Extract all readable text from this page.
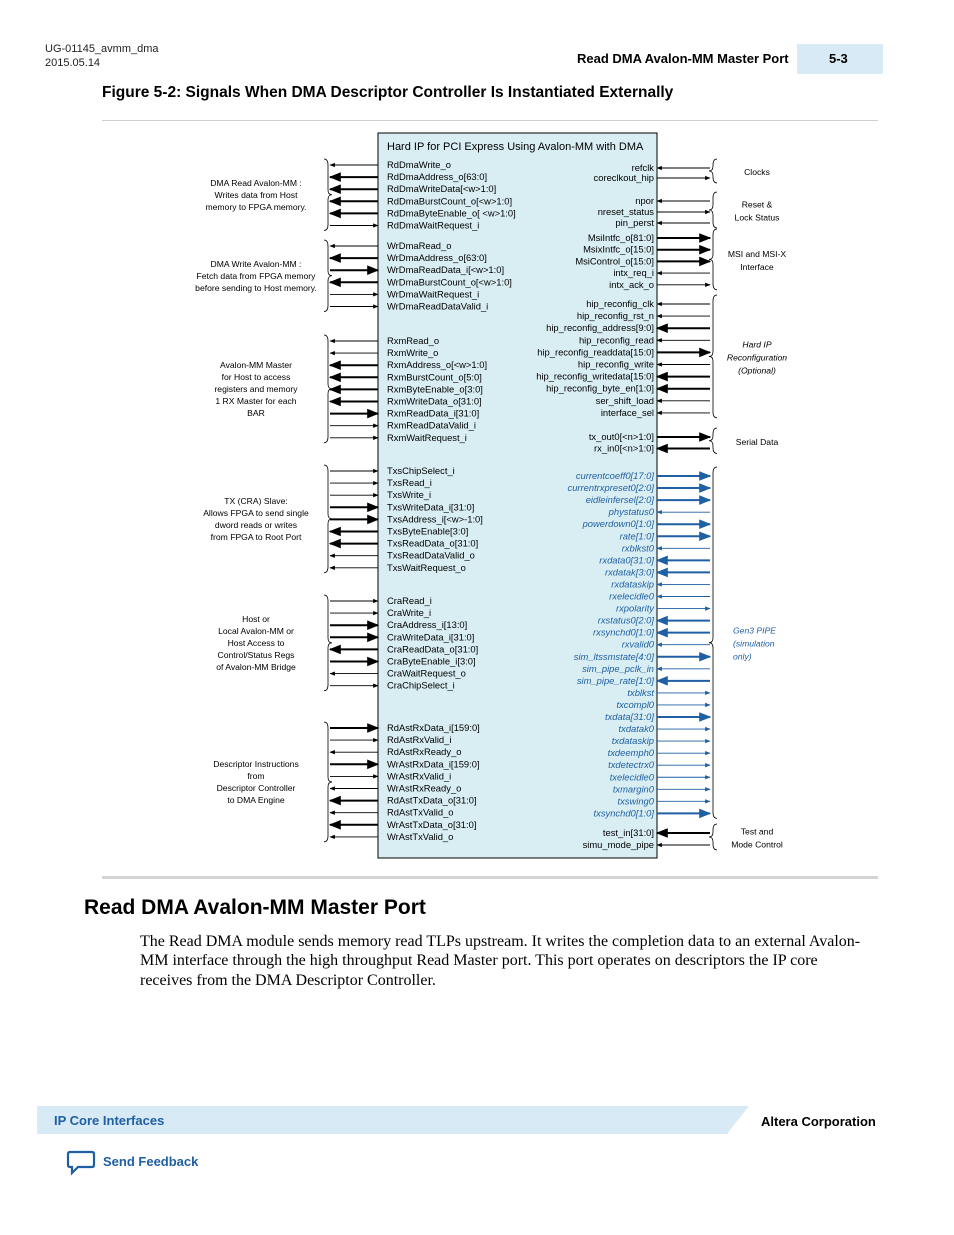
UG-01145_avmm_dma
2015.05.14	Read DMA Avalon-MM Master Port	5-3
Figure 5-2: Signals When DMA Descriptor Controller Is Instantiated Externally
Hard IP for PCI Express Using Avalon-MM with DMA
RdDmaWrite_o
RdDmaAddress_o[63:0]
RdDmaWriteData[<w>1:0]
RdDmaBurstCount_o[<w>1:0]
RdDmaByteEnable_o[ <w>1:0]
RdDmaWaitRequest_i
DMA Read Avalon-MM :
Writes data from Host
memory to FPGA memory.
WrDmaRead_o
WrDmaAddress_o[63:0]
WrDmaReadData_i[<w>1:0]
WrDmaBurstCount_o[<w>1:0]
WrDmaWaitRequest_i
WrDmaReadDataValid_i
DMA Write Avalon-MM :
Fetch data from FPGA memory
before sending to Host memory.
RxmRead_o
RxmWrite_o
RxmAddress_o[<w>1:0]
RxmBurstCount_o[5:0]
RxmByteEnable_o[3:0]
RxmWriteData_o[31:0]
RxmReadData_i[31:0]
RxmReadDataValid_i
RxmWaitRequest_i
Avalon-MM Master
for Host to access
registers and memory
1 RX Master for each
BAR
TxsChipSelect_i
TxsRead_i
TxsWrite_i
TxsWriteData_i[31:0]
TxsAddress_i[<w>-1:0]
TxsByteEnable[3:0]
TxsReadData_o[31:0]
TxsReadDataValid_o
TxsWaitRequest_o
TX (CRA) Slave:
Allows FPGA to send single
dword reads or writes
from FPGA to Root Port
CraRead_i
CraWrite_i
CraAddress_i[13:0]
CraWriteData_i[31:0]
CraReadData_o[31:0]
CraByteEnable_i[3:0]
CraWaitRequest_o
CraChipSelect_i
Host or
Local Avalon-MM or
Host Access to
Control/Status Regs
of Avalon-MM Bridge
RdAstRxData_i[159:0]
RdAstRxValid_i
RdAstRxReady_o
WrAstRxData_i[159:0]
WrAstRxValid_i
WrAstRxReady_o
RdAstTxData_o[31:0]
RdAstTxValid_o
WrAstTxData_o[31:0]
WrAstTxValid_o
Descriptor Instructions
from
Descriptor Controller
to DMA Engine
refclk
coreclkout_hip	Clocks
npor
nreset_status
pin_perst
Reset &
Lock Status
MsiIntfc_o[81:0]
MsixIntfc_o[15:0]
MsiControl_o[15:0]
intx_req_i
intx_ack_o
MSI and MSI-X
Interface
hip_reconfig_clk
hip_reconfig_rst_n
hip_reconfig_address[9:0]
hip_reconfig_read
hip_reconfig_readdata[15:0]
hip_reconfig_write
hip_reconfig_writedata[15:0]
hip_reconfig_byte_en[1:0]
ser_shift_load
interface_sel
Hard IP
Reconfiguration
(Optional)
tx_out0[<n>1:0]
rx_in0[<n>1:0]
Serial Data
currentcoeff0[17:0]
currentrxpreset0[2:0]
eidleinfersel[2:0]
phystatus0
powerdown0[1:0]
rate[1:0]
rxblkst0
rxdata0[31:0]
rxdatak[3:0]
rxdataskip
rxelecidle0
rxpolarity
rxstatus0[2:0]
rxsynchd0[1:0]
rxvalid0
sim_ltssmstate[4:0]
sim_pipe_pclk_in
sim_pipe_rate[1:0]
txblkst
txcompl0
txdata[31:0]
txdatak0
txdataskip
txdeemph0
txdetectrx0
txelecidle0
txmargin0
txswing0
txsynchd0[1:0]
Gen3 PIPE
(simulation
only)
test_in[31:0]
simu_mode_pipe
Test and
Mode Control
Read DMA Avalon-MM Master Port
The Read DMA module sends memory read TLPs upstream. It writes the completion data to an external Avalon-MM interface through the high throughput Read Master port. This port operates on descriptors the IP core receives from the DMA Descriptor Controller.
IP Core Interfaces	Altera Corporation
Send Feedback
